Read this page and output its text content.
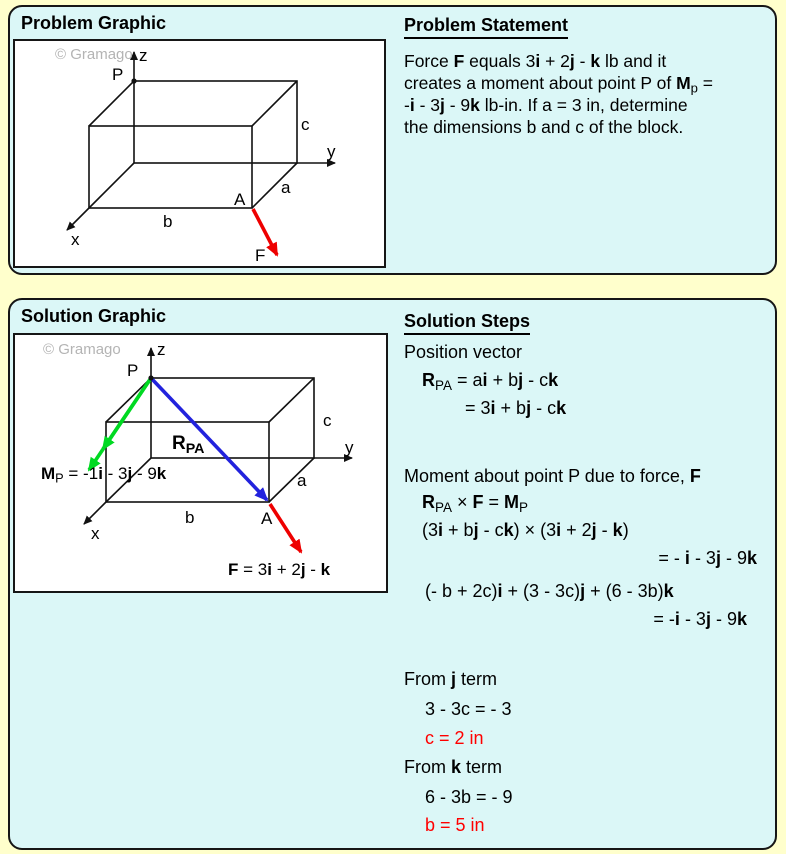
Problem Graphic
© Gramago z
y
x
P
A
a
b
c
F
Problem Statement
Force F equals 3i + 2j - k lb and it
creates a moment about point P of $M_p$ =
-i - 3j - 9k lb-in. If a = 3 in, determine
the dimensions b and c of the block.
Solution Graphic
© Gramago z
y
x
P
A
a
b
c
$R_{PA}$
$M_P = -1i - 3j - 9k$
F = 3i + 2j - k
Solution Steps
Position vector
$R_{PA}$ = ai + bj - ck
= 3i + bj - ck
Moment about point P due to force, F
$R_{PA} \times F = M_P$
(3i + bj - ck) × (3i + 2j - k)
= - i - 3j - 9k
(- b + 2c)i + (3 - 3c)j + (6 - 3b)k
= -i - 3j - 9k
From j term
3 - 3c = - 3
c = 2 in
From k term
6 - 3b = - 9
b = 5 in
